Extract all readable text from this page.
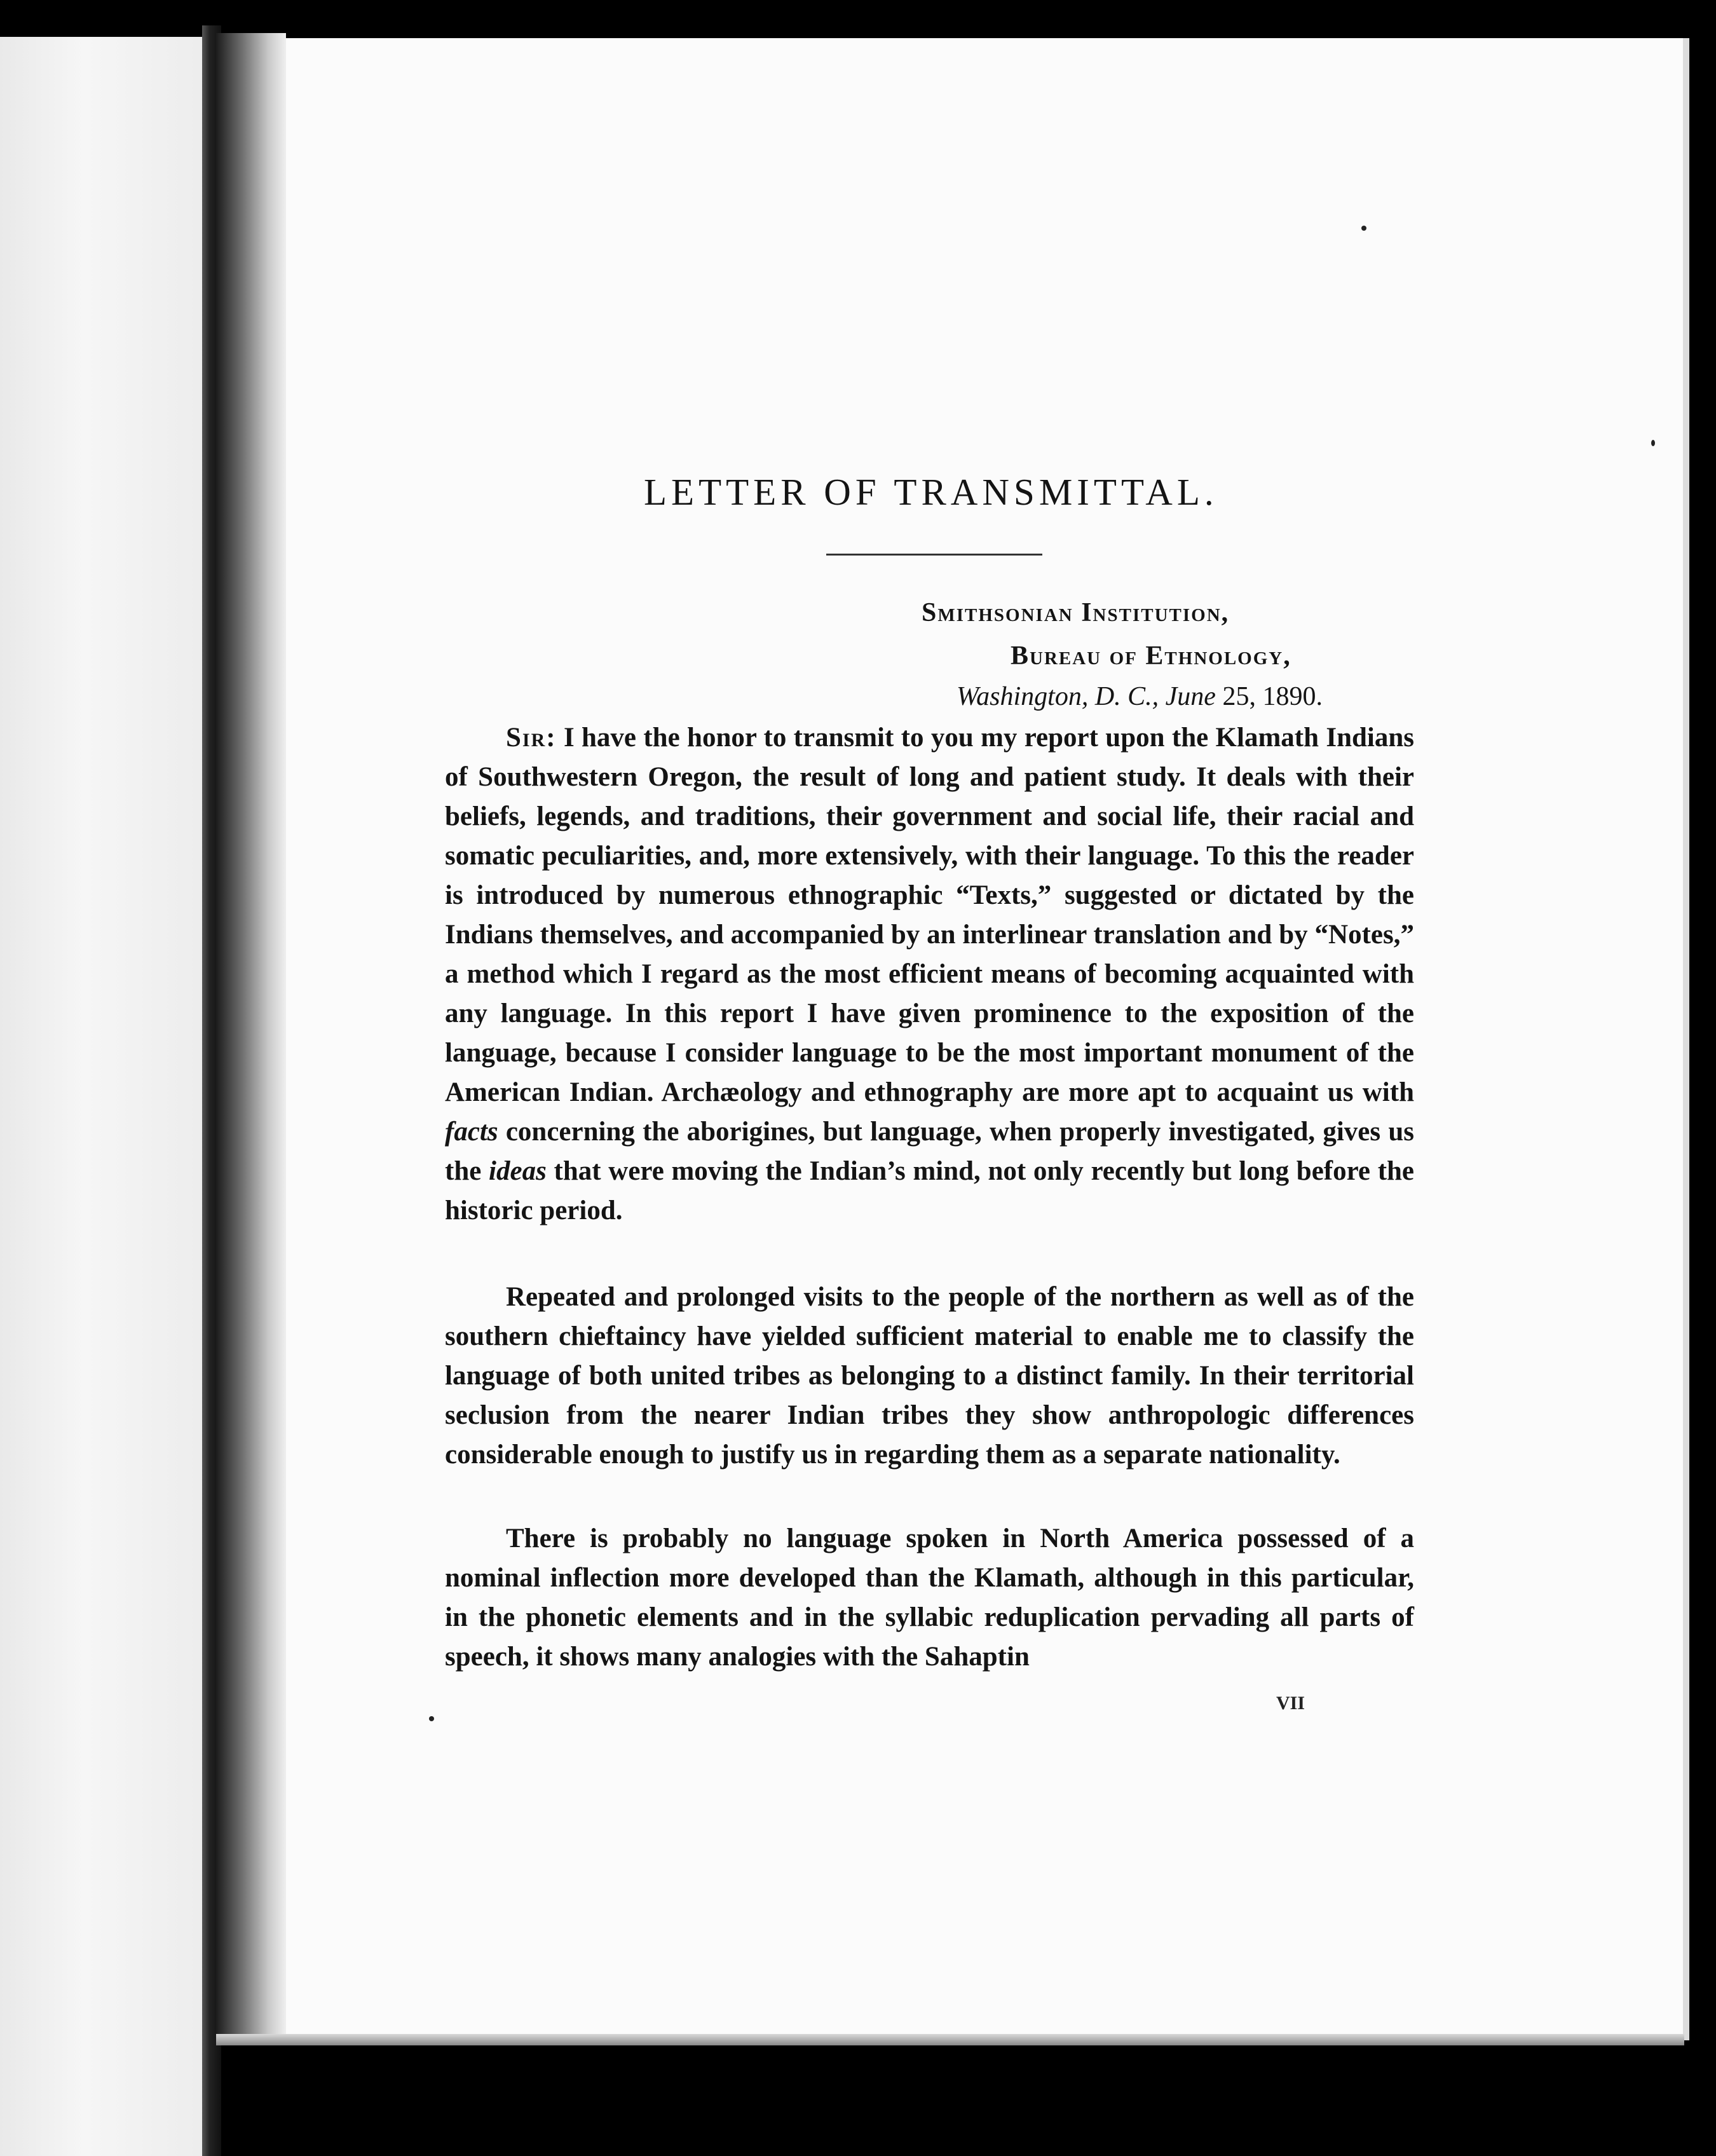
LETTER OF TRANSMITTAL.
Smithsonian Institution,
Bureau of Ethnology,
Washington, D. C., June 25, 1890.

Sir: I have the honor to transmit to you my report upon the Klamath Indians of Southwestern Oregon, the result of long and patient study. It deals with their beliefs, legends, and traditions, their government and social life, their racial and somatic peculiarities, and, more extensively, with their language. To this the reader is introduced by numerous ethnographic “Texts,” suggested or dictated by the Indians themselves, and accompanied by an interlinear translation and by “Notes,” a method which I regard as the most efficient means of becoming acquainted with any language. In this report I have given prominence to the exposition of the language, because I consider language to be the most important monument of the American Indian. Archæology and ethnography are more apt to acquaint us with facts concerning the aborigines, but language, when properly investigated, gives us the ideas that were moving the Indian’s mind, not only recently but long before the historic period.

Repeated and prolonged visits to the people of the northern as well as of the southern chieftaincy have yielded sufficient material to enable me to classify the language of both united tribes as belonging to a distinct family. In their territorial seclusion from the nearer Indian tribes they show anthropologic differences considerable enough to justify us in regarding them as a separate nationality.

There is probably no language spoken in North America possessed of a nominal inflection more developed than the Klamath, although in this particular, in the phonetic elements and in the syllabic reduplication pervading all parts of speech, it shows many analogies with the Sahaptin

VII
